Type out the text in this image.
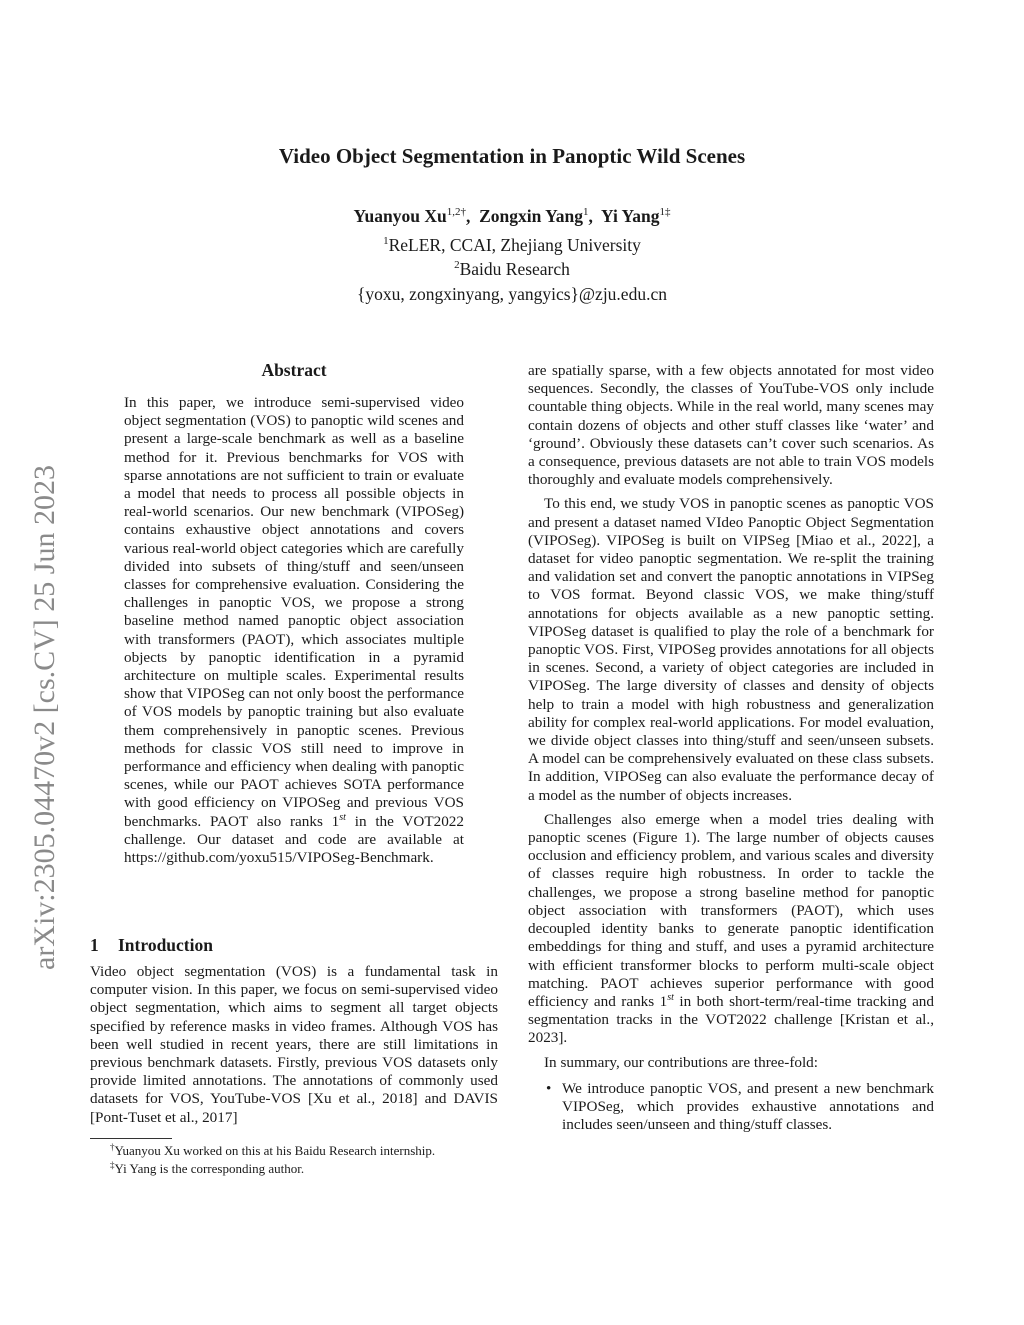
Video Object Segmentation in Panoptic Wild Scenes
Yuanyou $Xu^{1,2\dagger}$,  Zongxin Yang$^1$,  Yi Yang$^{1\ddagger}$
$^1$ReLER, CCAI, Zhejiang University
$^2$Baidu Research
{yoxu, zongxinyang, yangyics}@zju.edu.cn
arXiv:2305.04470v2 [cs.CV] 25 Jun 2023
Abstract
In this paper, we introduce semi-supervised video object segmentation (VOS) to panoptic wild scenes and present a large-scale benchmark as well as a baseline method for it. Previous benchmarks for VOS with sparse annotations are not sufficient to train or evaluate a model that needs to process all possible objects in real-world scenarios. Our new benchmark (VIPOSeg) contains exhaustive object annotations and covers various real-world object categories which are carefully divided into subsets of thing/stuff and seen/unseen classes for comprehensive evaluation. Considering the challenges in panoptic VOS, we propose a strong baseline method named panoptic object association with transformers (PAOT), which associates multiple objects by panoptic identification in a pyramid architecture on multiple scales. Experimental results show that VIPOSeg can not only boost the performance of VOS models by panoptic training but also evaluate them comprehensively in panoptic scenes. Previous methods for classic VOS still need to improve in performance and efficiency when dealing with panoptic scenes, while our PAOT achieves SOTA performance with good efficiency on VIPOSeg and previous VOS benchmarks. PAOT also ranks 1st in the VOT2022 challenge. Our dataset and code are available at https://github.com/yoxu515/VIPOSeg-Benchmark.
1 Introduction
Video object segmentation (VOS) is a fundamental task in computer vision. In this paper, we focus on semi-supervised video object segmentation, which aims to segment all target objects specified by reference masks in video frames. Although VOS has been well studied in recent years, there are still limitations in previous benchmark datasets. Firstly, previous VOS datasets only provide limited annotations. The annotations of commonly used datasets for VOS, YouTube-VOS [Xu et al., 2018] and DAVIS [Pont-Tuset et al., 2017]
†Yuanyou Xu worked on this at his Baidu Research internship.
‡Yi Yang is the corresponding author.

are spatially sparse, with a few objects annotated for most video sequences. Secondly, the classes of YouTube-VOS only include countable thing objects. While in the real world, many scenes may contain dozens of objects and other stuff classes like ‘water’ and ‘ground’. Obviously these datasets can’t cover such scenarios. As a consequence, previous datasets are not able to train VOS models thoroughly and evaluate models comprehensively.

To this end, we study VOS in panoptic scenes as panoptic VOS and present a dataset named VIdeo Panoptic Object Segmentation (VIPOSeg). VIPOSeg is built on VIPSeg [Miao et al., 2022], a dataset for video panoptic segmentation. We re-split the training and validation set and convert the panoptic annotations in VIPSeg to VOS format. Beyond classic VOS, we make thing/stuff annotations for objects available as a new panoptic setting. VIPOSeg dataset is qualified to play the role of a benchmark for panoptic VOS. First, VIPOSeg provides annotations for all objects in scenes. Second, a variety of object categories are included in VIPOSeg. The large diversity of classes and density of objects help to train a model with high robustness and generalization ability for complex real-world applications. For model evaluation, we divide object classes into thing/stuff and seen/unseen subsets. A model can be comprehensively evaluated on these class subsets. In addition, VIPOSeg can also evaluate the performance decay of a model as the number of objects increases.

Challenges also emerge when a model tries dealing with panoptic scenes (Figure 1). The large number of objects causes occlusion and efficiency problem, and various scales and diversity of classes require high robustness. In order to tackle the challenges, we propose a strong baseline method for panoptic object association with transformers (PAOT), which uses decoupled identity banks to generate panoptic identification embeddings for thing and stuff, and uses a pyramid architecture with efficient transformer blocks to perform multi-scale object matching. PAOT achieves superior performance with good efficiency and ranks 1st in both short-term/real-time tracking and segmentation tracks in the VOT2022 challenge [Kristan et al., 2023].

In summary, our contributions are three-fold:

• We introduce panoptic VOS, and present a new benchmark VIPOSeg, which provides exhaustive annotations and includes seen/unseen and thing/stuff classes.
